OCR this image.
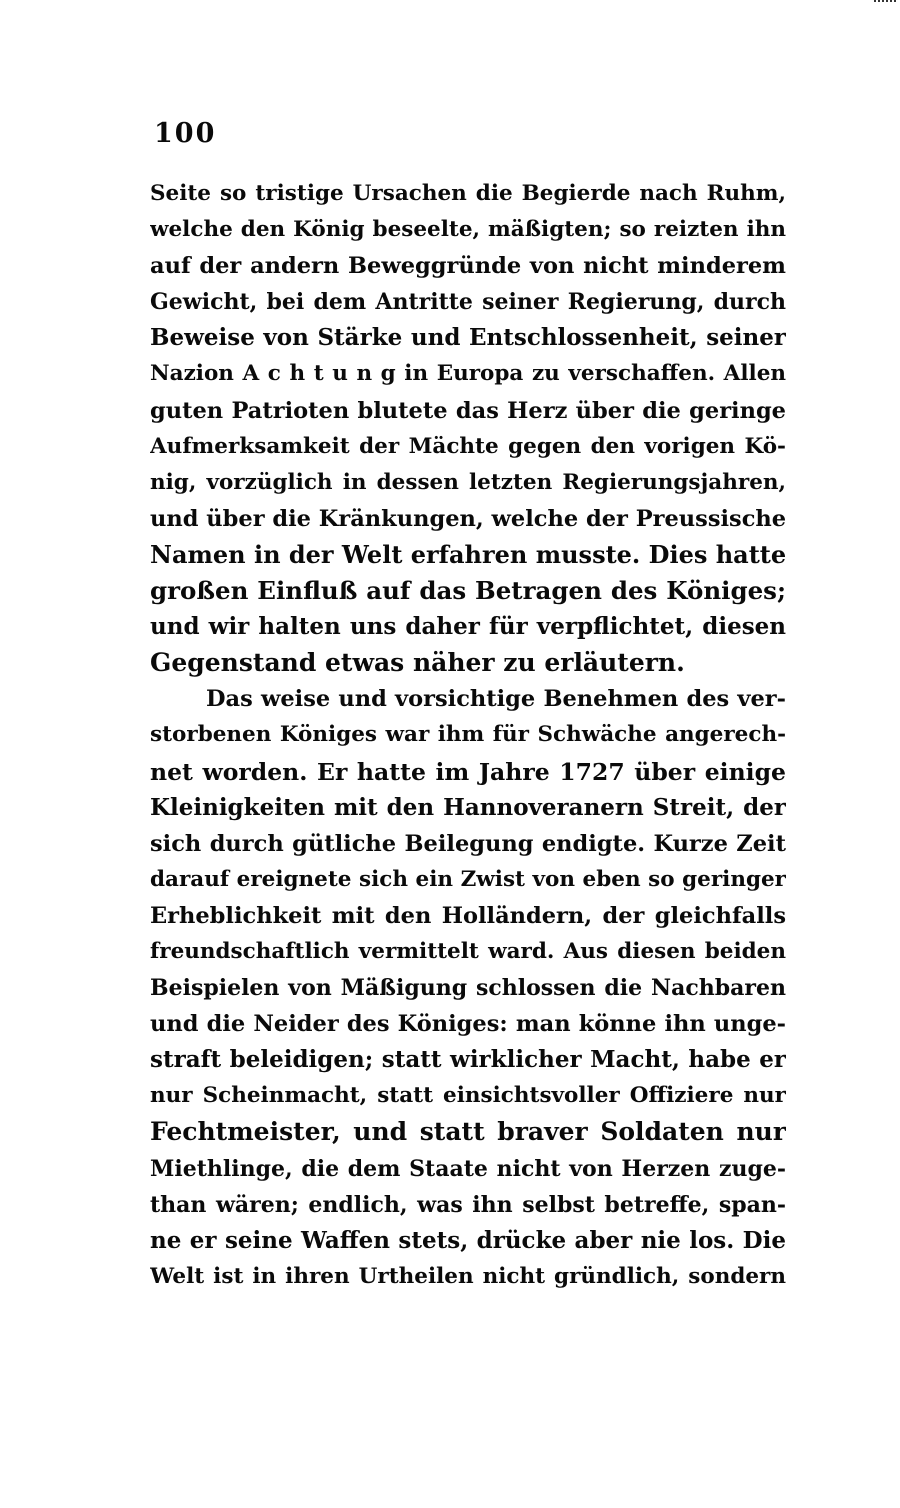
100
Seite so tristige Ursachen die Begierde nach Ruhm,
welche den König beseelte, mäßigten; so reizten ihn
auf der andern Beweggründe von nicht minderem
Gewicht, bei dem Antritte seiner Regierung, durch
Beweise von Stärke und Entschlossenheit, seiner
Nazion A c h t u n g in Europa zu verschaffen. Allen
guten Patrioten blutete das Herz über die geringe
Aufmerksamkeit der Mächte gegen den vorigen Kö-
nig, vorzüglich in dessen letzten Regierungsjahren,
und über die Kränkungen, welche der Preussische
Namen in der Welt erfahren musste. Dies hatte
großen Einfluß auf das Betragen des Königes;
und wir halten uns daher für verpflichtet, diesen
Gegenstand etwas näher zu erläutern.
Das weise und vorsichtige Benehmen des ver-
storbenen Königes war ihm für Schwäche angerech-
net worden. Er hatte im Jahre 1727 über einige
Kleinigkeiten mit den Hannoveranern Streit, der
sich durch gütliche Beilegung endigte. Kurze Zeit
darauf ereignete sich ein Zwist von eben so geringer
Erheblichkeit mit den Holländern, der gleichfalls
freundschaftlich vermittelt ward. Aus diesen beiden
Beispielen von Mäßigung schlossen die Nachbaren
und die Neider des Königes: man könne ihn unge-
straft beleidigen; statt wirklicher Macht, habe er
nur Scheinmacht, statt einsichtsvoller Offiziere nur
Fechtmeister, und statt braver Soldaten nur
Miethlinge, die dem Staate nicht von Herzen zuge-
than wären; endlich, was ihn selbst betreffe, span-
ne er seine Waffen stets, drücke aber nie los. Die
Welt ist in ihren Urtheilen nicht gründlich, sondern
